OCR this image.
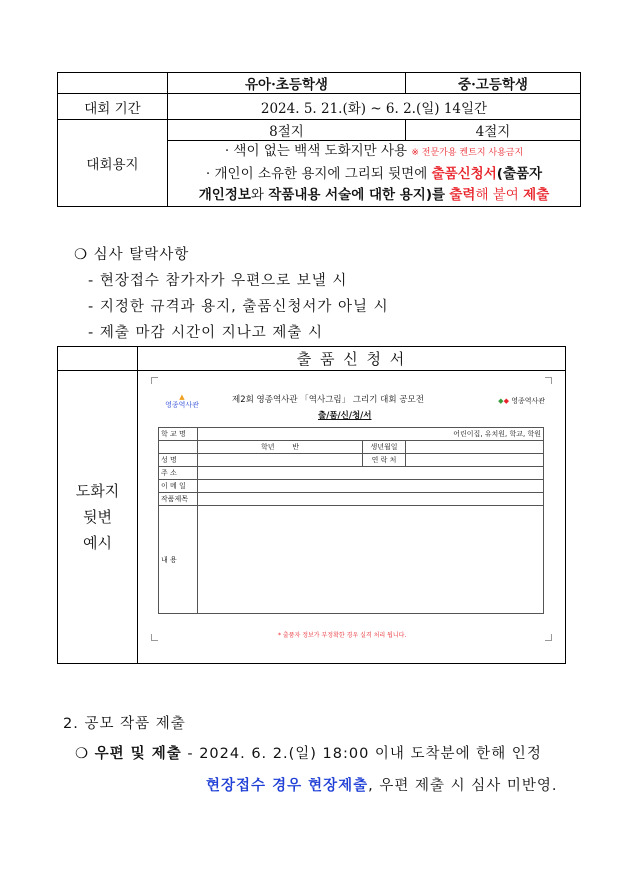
	유아·초등학생	중·고등학생
대회 기간	2024. 5. 21.(화) ~ 6. 2.(일) 14일간	
대회용지	8절지	4절지

	· 색이 없는 백색 도화지만 사용 ※ 전문가용 켄트지 사용금지
· 개인이 소유한 용지에 그리되 뒷면에 출품신청서(출품자
개인정보와 작품내용 서술에 대한 용지)를 출력해 붙여 제출	
❍ 심사 탈락사항
- 현장접수 참가자가 우편으로 보낼 시
- 지정한 규격과 용지, 출품신청서가 아닐 시
- 제출 마감 시간이 지나고 제출 시
	출 품 신 청 서

도화지
뒷변
예시

▲
영종역사관	◆◆ 영종역사관
제2회 영종역사관 「역사그림」 그리기 대회 공모전
출/품/신/청/서
학 교 명	어린이집, 유치원, 학교, 학원
	학년	반	생년월일	
성 명		연 락 처	
주 소	
이 메 일	
작품제목	
내 용	
* 출품자 정보가 부정확한 경우 실격 처리 됩니다.
2. 공모 작품 제출
❍ 우편 및 제출 - 2024. 6. 2.(일) 18:00 이내 도착분에 한해 인정
현장접수 경우 현장제출, 우편 제출 시 심사 미반영.
